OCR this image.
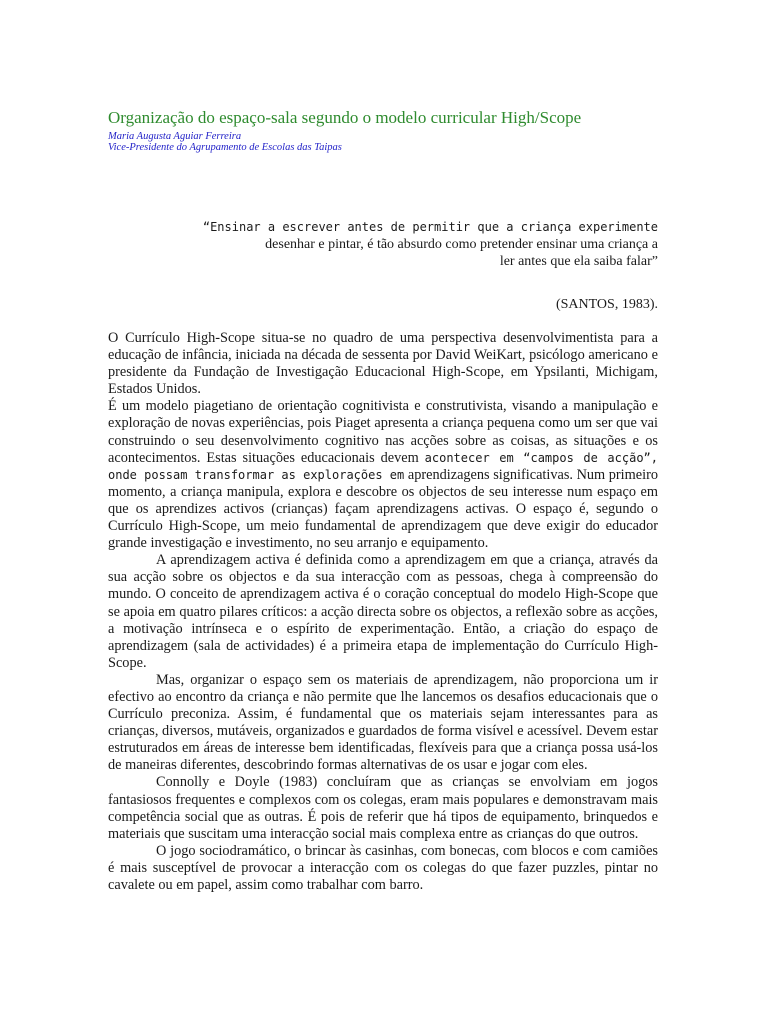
Organização do espaço-sala segundo o modelo curricular High/Scope
Maria Augusta Aguiar Ferreira
Vice-Presidente do Agrupamento de Escolas das Taipas
“Ensinar a escrever antes de permitir que a criança experimente
desenhar e pintar, é tão absurdo como pretender ensinar uma criança a
ler antes que ela saiba falar”
(SANTOS, 1983).

O Currículo High-Scope situa-se no quadro de uma perspectiva desenvolvimentista para a educação de infância, iniciada na década de sessenta por David WeiKart, psicólogo americano e presidente da Fundação de Investigação Educacional High-Scope, em Ypsilanti, Michigam, Estados Unidos.

É um modelo piagetiano de orientação cognitivista e construtivista, visando a manipulação e exploração de novas experiências, pois Piaget apresenta a criança pequena como um ser que vai construindo o seu desenvolvimento cognitivo nas acções sobre as coisas, as situações e os acontecimentos. Estas situações educacionais devem acontecer em “campos de acção”, onde possam transformar as explorações em aprendizagens significativas. Num primeiro momento, a criança manipula, explora e descobre os objectos de seu interesse num espaço em que os aprendizes activos (crianças) façam aprendizagens activas. O espaço é, segundo o Currículo High-Scope, um meio fundamental de aprendizagem que deve exigir do educador grande investigação e investimento, no seu arranjo e equipamento.

A aprendizagem activa é definida como a aprendizagem em que a criança, através da sua acção sobre os objectos e da sua interacção com as pessoas, chega à compreensão do mundo. O conceito de aprendizagem activa é o coração conceptual do modelo High-Scope que se apoia em quatro pilares críticos: a acção directa sobre os objectos, a reflexão sobre as acções, a motivação intrínseca e o espírito de experimentação. Então, a criação do espaço de aprendizagem (sala de actividades) é a primeira etapa de implementação do Currículo High-Scope.

Mas, organizar o espaço sem os materiais de aprendizagem, não proporciona um ir efectivo ao encontro da criança e não permite que lhe lancemos os desafios educacionais que o Currículo preconiza. Assim, é fundamental que os materiais sejam interessantes para as crianças, diversos, mutáveis, organizados e guardados de forma visível e acessível. Devem estar estruturados em áreas de interesse bem identificadas, flexíveis para que a criança possa usá-los de maneiras diferentes, descobrindo formas alternativas de os usar e jogar com eles.

Connolly e Doyle (1983) concluíram que as crianças se envolviam em jogos fantasiosos frequentes e complexos com os colegas, eram mais populares e demonstravam mais competência social que as outras. É pois de referir que há tipos de equipamento, brinquedos e materiais que suscitam uma interacção social mais complexa entre as crianças do que outros.

O jogo sociodramático, o brincar às casinhas, com bonecas, com blocos e com camiões é mais susceptível de provocar a interacção com os colegas do que fazer puzzles, pintar no cavalete ou em papel, assim como trabalhar com barro.
